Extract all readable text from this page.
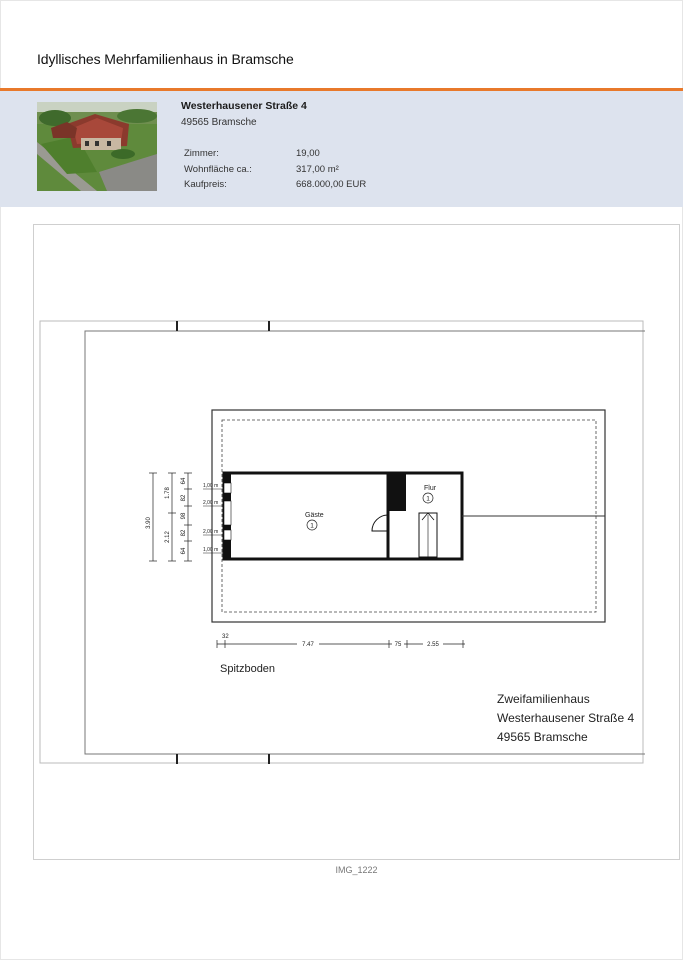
Idyllisches Mehrfamilienhaus in Bramsche
Westerhausener Straße 4
49565 Bramsche
Zimmer:	19,00
Wohnfläche ca.:	317,00 m²
Kaufpreis:	668.000,00 EUR
Gäste
1
Flur
1
1,00 m
2,00 m
2,00 m
1,00 m
3.90
1.78
2.12
64
82
98
82
64
32
7.47	75	2.55
Spitzboden
Zweifamilienhaus
Westerhausener Straße 4
49565 Bramsche
IMG_1222
